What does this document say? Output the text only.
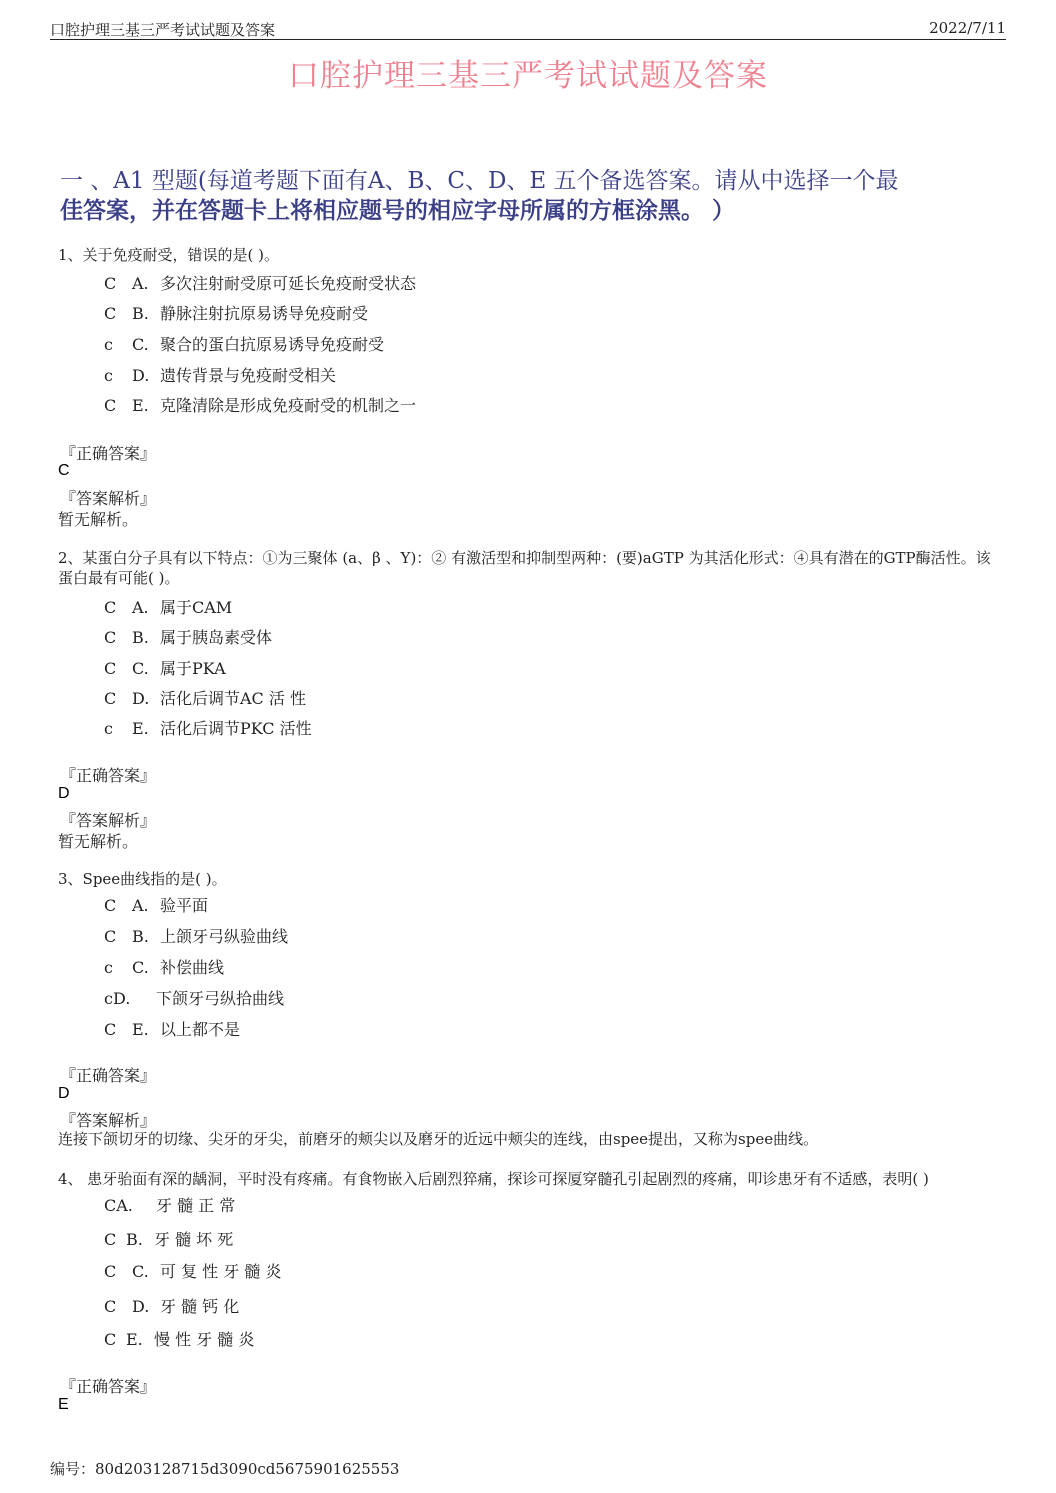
口腔护理三基三严考试试题及答案	2022/7/11
口腔护理三基三严考试试题及答案
一 、A1 型题(每道考题下面有A、B、C、D、E 五个备选答案。请从中选择一个最
佳答案，并在答题卡上将相应题号的相应字母所属的方框涂黑。 ）
1、关于免疫耐受，错误的是( )。
C A. 多次注射耐受原可延长免疫耐受状态
C B. 静脉注射抗原易诱导免疫耐受
c C. 聚合的蛋白抗原易诱导免疫耐受
c D. 遗传背景与免疫耐受相关
C E. 克隆清除是形成免疫耐受的机制之一
『正确答案』
C
『答案解析』
暂无解析。
2、某蛋白分子具有以下特点：①为三聚体 (a、β 、Y)：② 有激活型和抑制型两种：(要)aGTP 为其活化形式：④具有潜在的GTP酶活性。该
蛋白最有可能( )。
C A. 属于CAM
C B. 属于胰岛素受体
C C. 属于PKA
C D. 活化后调节AC 活 性
c E. 活化后调节PKC 活性
『正确答案』
D
『答案解析』
暂无解析。
3、Spee曲线指的是( )。
C A. 验平面
C B. 上颌牙弓纵验曲线
c C. 补偿曲线
cD. 下颌牙弓纵拾曲线
C E. 以上都不是
『正确答案』
D
『答案解析』
连接下颌切牙的切缘、尖牙的牙尖，前磨牙的颊尖以及磨牙的近远中颊尖的连线，由spee提出，又称为spee曲线。
4、 患牙骀面有深的龋洞，平时没有疼痛。有食物嵌入后剧烈猝痛，探诊可探厦穿髓孔引起剧烈的疼痛，叩诊患牙有不适感，表明( )
CA. 牙 髓 正 常
C B. 牙 髓 坏 死
C C. 可 复 性 牙 髓 炎
C D. 牙 髓 钙 化
C E. 慢 性 牙 髓 炎
『正确答案』
E
编号：80d203128715d3090cd5675901625553
